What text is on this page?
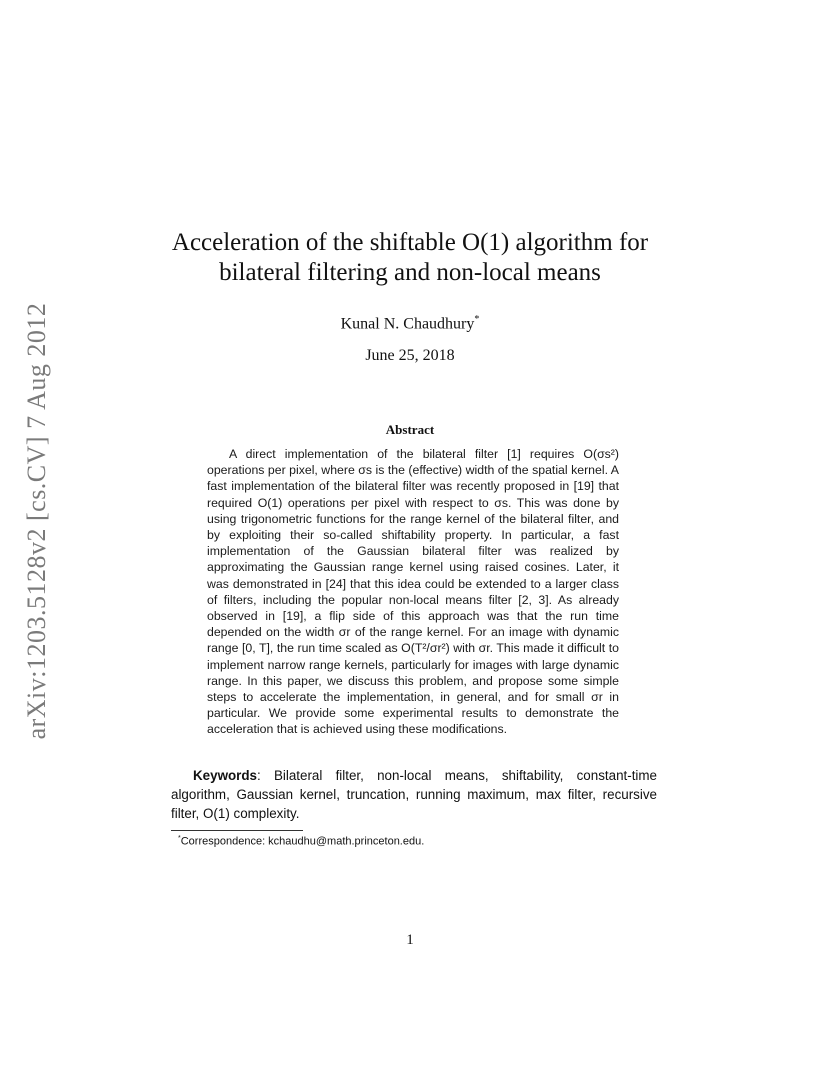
arXiv:1203.5128v2 [cs.CV] 7 Aug 2012
Acceleration of the shiftable O(1) algorithm for
bilateral filtering and non-local means
Kunal N. Chaudhury*
June 25, 2018
Abstract
A direct implementation of the bilateral filter [1] requires O(σs²) operations per pixel, where σs is the (effective) width of the spatial kernel. A fast implementation of the bilateral filter was recently proposed in [19] that required O(1) operations per pixel with respect to σs. This was done by using trigonometric functions for the range kernel of the bilateral filter, and by exploiting their so-called shiftability property. In particular, a fast implementation of the Gaussian bilateral filter was realized by approximating the Gaussian range kernel using raised cosines. Later, it was demonstrated in [24] that this idea could be extended to a larger class of filters, including the popular non-local means filter [2, 3]. As already observed in [19], a flip side of this approach was that the run time depended on the width σr of the range kernel. For an image with dynamic range [0, T], the run time scaled as O(T²/σr²) with σr. This made it difficult to implement narrow range kernels, particularly for images with large dynamic range. In this paper, we discuss this problem, and propose some simple steps to accelerate the implementation, in general, and for small σr in particular. We provide some experimental results to demonstrate the acceleration that is achieved using these modifications.
Keywords: Bilateral filter, non-local means, shiftability, constant-time algorithm, Gaussian kernel, truncation, running maximum, max filter, recursive filter, O(1) complexity.
*Correspondence: kchaudhu@math.princeton.edu.
1
